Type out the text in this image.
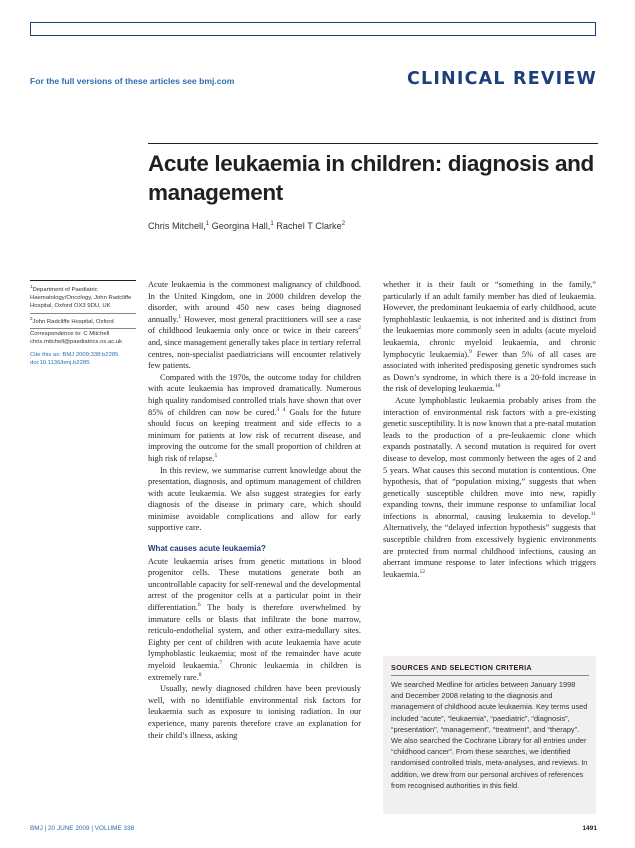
For the full versions of these articles see bmj.com	CLINICAL REVIEW
Acute leukaemia in children: diagnosis and management
Chris Mitchell,$^1$ Georgina Hall,$^1$ Rachel T Clarke$^2$
$^1$Department of Paediatric Haematology/Oncology, John Radcliffe Hospital, Oxford OX3 9DU, UK
$^2$John Radcliffe Hospital, Oxford
Correspondence to: C Mitchell
chris.mitchell@paediatrics.ox.ac.uk
Cite this as: BMJ 2009;338:b2285
doi:10.1136/bmj.b2285

Acute leukaemia is the commonest malignancy of childhood. In the United Kingdom, one in 2000 children develop the disorder, with around 450 new cases being diagnosed annually.$^1$ However, most general practitioners will see a case of childhood leukaemia only once or twice in their careers$^2$ and, since management generally takes place in tertiary referral centres, non-specialist paediatricians will encounter relatively few patients.

Compared with the 1970s, the outcome today for children with acute leukaemia has improved dramatically. Numerous high quality randomised controlled trials have shown that over 85% of children can now be cured.$^{3 4}$ Goals for the future should focus on keeping treatment and side effects to a minimum for patients at low risk of recurrent disease, and improving the outcome for the small proportion of children at high risk of relapse.$^5$

In this review, we summarise current knowledge about the presentation, diagnosis, and optimum management of children with acute leukaemia. We also suggest strategies for early diagnosis of the disease in primary care, which should minimise avoidable complications and allow for early supportive care.

What causes acute leukaemia?

Acute leukaemia arises from genetic mutations in blood progenitor cells. These mutations generate both an uncontrollable capacity for self-renewal and the developmental arrest of the progenitor cells at a particular point in their differentiation.$^6$ The body is therefore overwhelmed by immature cells or blasts that infiltrate the bone marrow, reticulo-endothelial system, and other extra-medullary sites. Eighty per cent of children with acute leukaemia have acute lymphoblastic leukaemia; most of the remainder have acute myeloid leukaemia.$^7$ Chronic leukaemia in children is extremely rare.$^8$

Usually, newly diagnosed children have been previously well, with no identifiable environmental risk factors for leukaemia such as exposure to ionising radiation. In our experience, many parents therefore crave an explanation for their child’s illness, asking

whether it is their fault or “something in the family,” particularly if an adult family member has died of leukaemia. However, the predominant leukaemia of early childhood, acute lymphoblastic leukaemia, is not inherited and is distinct from the leukaemias more commonly seen in adults (acute myeloid leukaemia, chronic myeloid leukaemia, and chronic lymphocytic leukaemia).$^9$ Fewer than 5% of all cases are associated with inherited predisposing genetic syndromes such as Down’s syndrome, in which there is a 20-fold increase in the risk of developing leukaemia.$^{10}$

Acute lymphoblastic leukaemia probably arises from the interaction of environmental risk factors with a pre-existing genetic susceptibility. It is now known that a pre-natal mutation leads to the production of a pre-leukaemic clone which expands postnatally. A second mutation is required for overt disease to develop, most commonly between the ages of 2 and 5 years. What causes this second mutation is contentious. One hypothesis, that of “population mixing,” suggests that when genetically susceptible children move into new, rapidly expanding towns, their immune response to unfamiliar local infections is abnormal, causing leukaemia to develop.$^{11}$ Alternatively, the “delayed infection hypothesis” suggests that susceptible children from excessively hygienic environments are protected from normal childhood infections, causing an aberrant immune response to later infections which triggers leukaemia.$^{12}$

SOURCES AND SELECTION CRITERIA

We searched Medline for articles between January 1998 and December 2008 relating to the diagnosis and management of childhood acute leukaemia. Key terms used included “acute”, “leukaemia”, “paediatric”, “diagnosis”, “presentation”, “management”, “treatment”, and “therapy”. We also searched the Cochrane Library for all entries under “childhood cancer”. From these searches, we identified randomised controlled trials, meta-analyses, and reviews. In addition, we drew from our personal archives of references from recognised authorities in this field.

BMJ | 20 JUNE 2009 | VOLUME 338	1491
